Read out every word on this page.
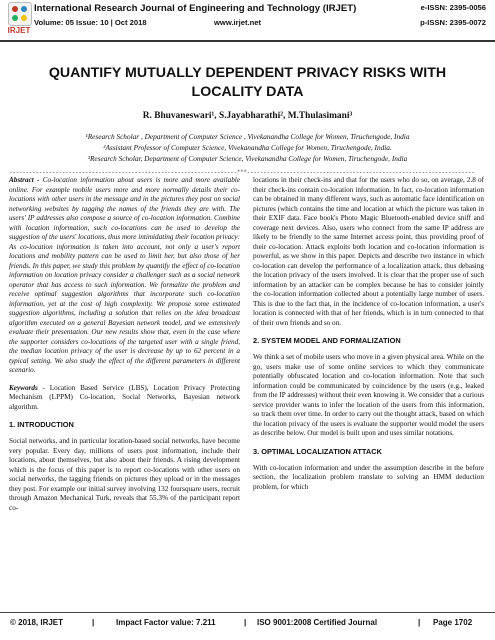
IRJET
International Research Journal of Engineering and Technology (IRJET)
Volume: 05 Issue: 10 | Oct 2018	www.irjet.net
e-ISSN: 2395-0056
p-ISSN: 2395-0072
QUANTIFY MUTUALLY DEPENDENT PRIVACY RISKS WITH
LOCALITY DATA
R. Bhuvaneswari¹, S.Jayabharathi², M.Thulasimani³
¹Research Scholar , Department of Computer Science , Vivekanandha College for Women, Tiruchengode, India
²Assistant Professor of Computer Science, Vivekanandha College for Women, Tiruchengode, India.
³Research Scholar, Department of Computer Science, Vivekanandha College for Women, Tiruchengode, India
---------------------------------------------------------------------***---------------------------------------------------------------------

Abstract - Co-location information about users is more and more available online. For example mobile users more and more normally details their co-locations with other users in the message and in the pictures they post on social networking websites by tagging the names of the friends they are with. The users' IP addresses also compose a source of co-location information. Combine with location information, such co-locations can be used to develop the suggestion of the users' locations, thus more intimidating their location privacy: As co-location information is taken into account, not only a user's report locations and mobility pattern can be used to limit her, but also those of her friends. In this paper, we study this problem by quantify the effect of co-location information on location privacy consider a challenger such as a social network operator that has access to such information. We formalize the problem and receive optimal suggestion algorithms that incorporate such co-location information, yet at the cost of high complexity. We propose some estimated suggestion algorithms, including a solution that relies on the idea broadcast algorithm executed on a general Bayesian network model, and we extensively evaluate their presentation. Our new results show that, even in the case where the supporter considers co-locations of the targeted user with a single friend, the median location privacy of the user is decrease by up to 62 percent in a typical setting. We also study the effect of the different parameters in different scenario.

Keywords - Location Based Service (LBS), Location Privacy Protecting Mechanism (LPPM) Co-location, Social Networks, Bayesian network algorithm.

1. INTRODUCTION

Social networks, and in particular location-based social networks, have become very popular. Every day, millions of users post information, include their locations, about themselves, but also about their friends. A rising development which is the focus of this paper is to report co-locations with other users on social networks, the tagging friends on pictures they upload or in the messages they post. For example our initial survey involving 132 foursquare users, recruit through Amazon Mechanical Turk, reveals that 55.3% of the participant report co-

locations in their check-ins and that for the users who do so, on average, 2.8 of their check-ins contain co-location information. In fact, co-location information can be obtained in many different ways, such as automatic face identification on pictures (which contains the time and location at which the picture was taken in their EXIF data. Face book's Photo Magic Bluetooth-enabled device sniff and coverage next devices. Also, users who connect from the same IP address are likely to be friendly to the same Internet access point, thus providing proof of their co-location. Attack exploits both location and co-location information is powerful, as we show in this paper. Depicts and describe two instance in which co-location can develop the performance of a localization attack, thus debasing the location privacy of the users involved. It is clear that the proper use of such information by an attacker can be complex because he has to consider jointly the co-location information collected about a potentially large number of users. This is due to the fact that, in the incidence of co-location information, a user's location is connected with that of her friends, which is in turn connected to that of their own friends and so on.

2. SYSTEM MODEL AND FORMALIZATION

We think a set of mobile users who move in a given physical area. While on the go, users make use of some online services to which they communicate potentially obfuscated location and co-location information. Note that such information could be communicated by coincidence by the users (e.g., leaked from the IP addresses) without their even knowing it. We consider that a curious service provider wants to infer the location of the users from this information, so track them over time. In order to carry out the thought attack, based on which the location privacy of the users is evaluate the supporter would model the users as describe below. Our model is built upon and uses similar notations.

3. OPTIMAL LOCALIZATION ATTACK

With co-location information and under the assumption describe in the before section, the localization problem translate to solving an HMM deduction problem, for which

© 2018, IRJET	|	Impact Factor value: 7.211	| ISO 9001:2008 Certified Journal	| Page 1702
